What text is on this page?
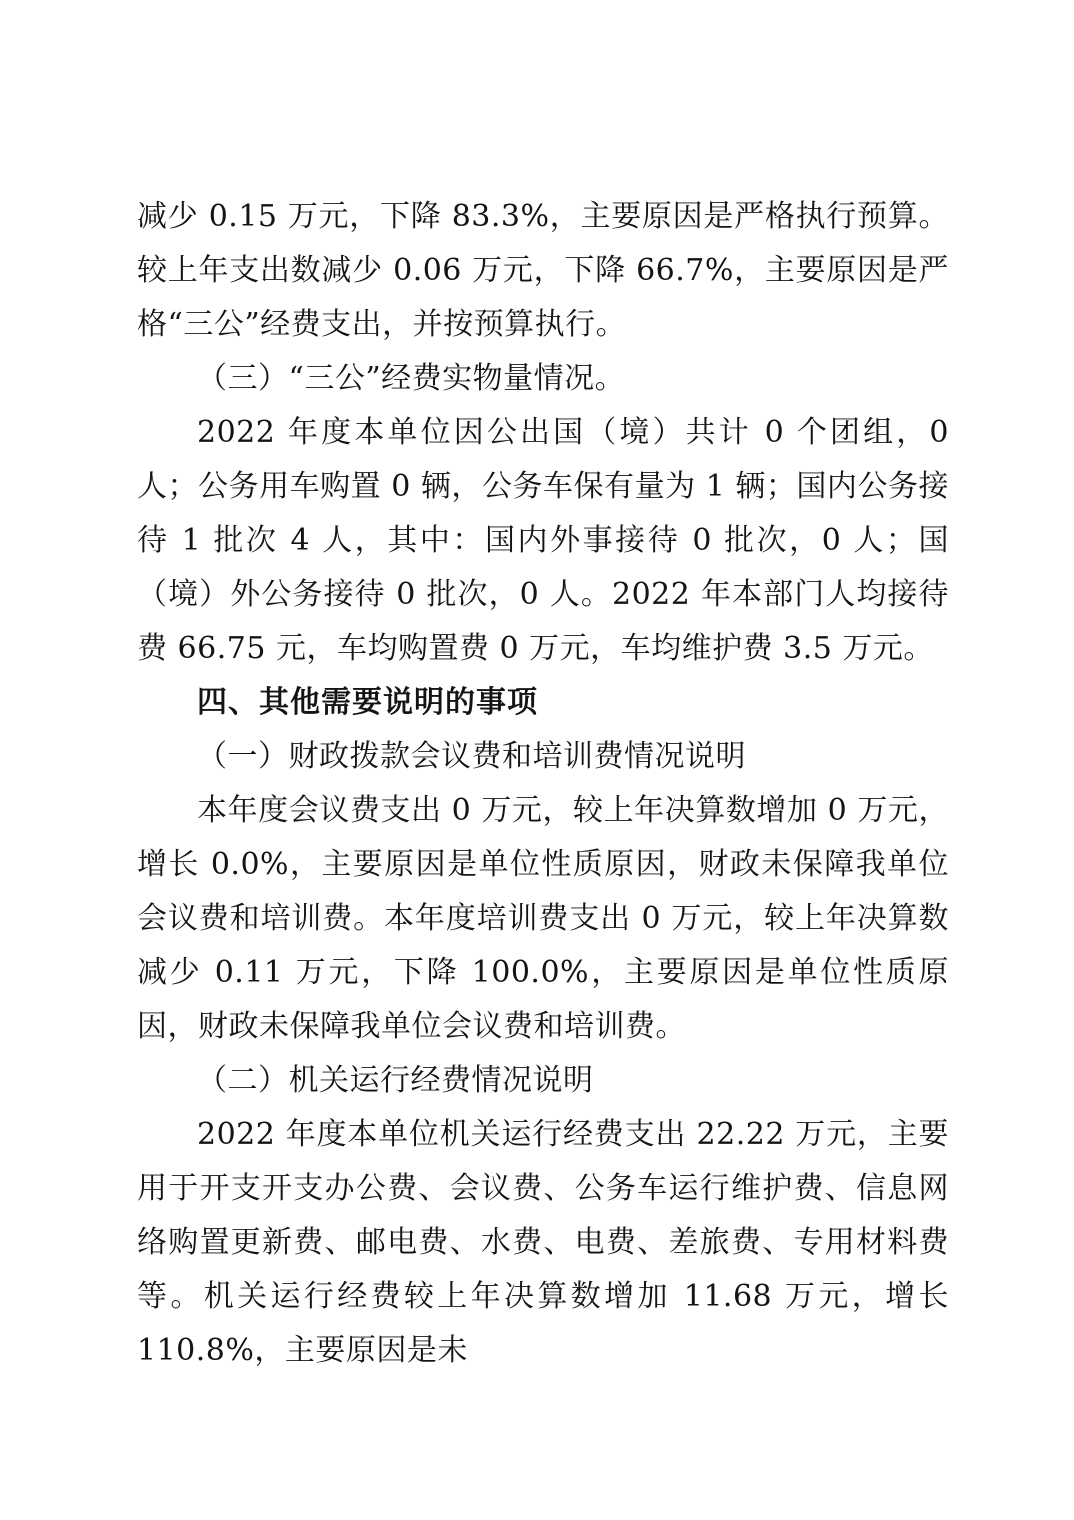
减少 0.15 万元，下降 83.3%，主要原因是严格执行预算。较上年支出数减少 0.06 万元，下降 66.7%，主要原因是严格“三公”经费支出，并按预算执行。

（三）“三公”经费实物量情况。

2022 年度本单位因公出国（境）共计 0 个团组，0 人；公务用车购置 0 辆，公务车保有量为 1 辆；国内公务接待 1 批次 4 人，其中：国内外事接待 0 批次，0 人；国（境）外公务接待 0 批次，0 人。2022 年本部门人均接待费 66.75 元，车均购置费 0 万元，车均维护费 3.5 万元。

四、其他需要说明的事项

（一）财政拨款会议费和培训费情况说明

本年度会议费支出 0 万元，较上年决算数增加 0 万元，增长 0.0%，主要原因是单位性质原因，财政未保障我单位会议费和培训费。本年度培训费支出 0 万元，较上年决算数减少 0.11 万元，下降 100.0%，主要原因是单位性质原因，财政未保障我单位会议费和培训费。

（二）机关运行经费情况说明

2022 年度本单位机关运行经费支出 22.22 万元，主要用于开支开支办公费、会议费、公务车运行维护费、信息网络购置更新费、邮电费、水费、电费、差旅费、专用材料费等。机关运行经费较上年决算数增加 11.68 万元，增长 110.8%，主要原因是未
